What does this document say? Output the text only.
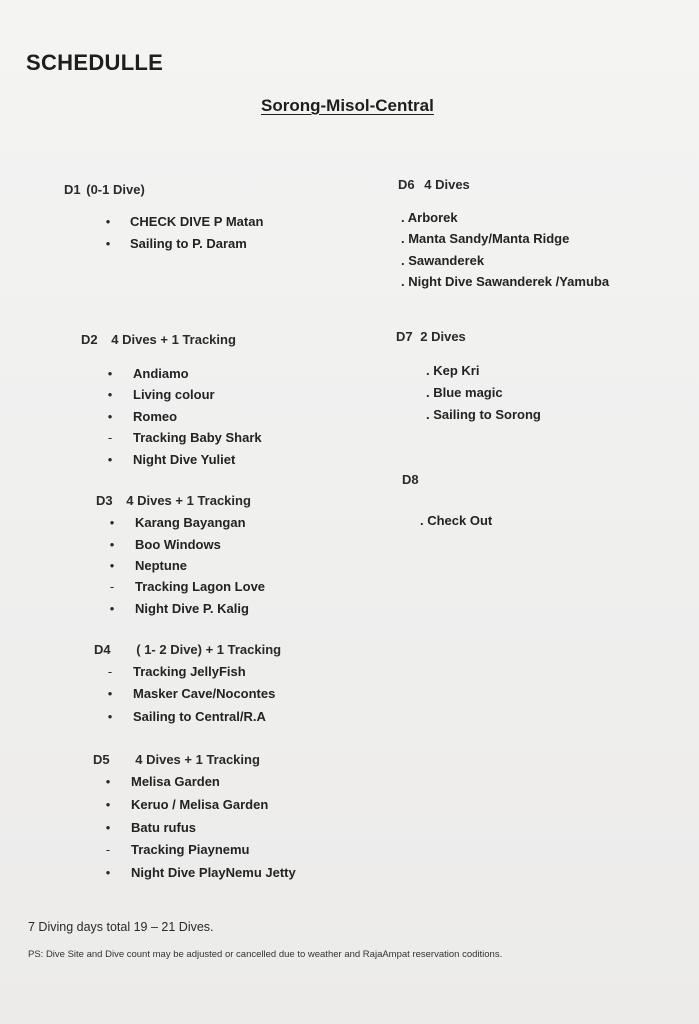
SCHEDULLE
Sorong-Misol-Central
D1 (0-1 Dive)
•
CHECK DIVE P Matan
•
Sailing to P. Daram
D2 4 Dives + 1 Tracking
•
Andiamo
•
Living colour
•
Romeo
-
Tracking Baby Shark
•
Night Dive Yuliet
D3 4 Dives + 1 Tracking
•
Karang Bayangan
•
Boo Windows
•
Neptune
-
Tracking Lagon Love
•
Night Dive P. Kalig
D4 ( 1- 2 Dive) + 1 Tracking
-
Tracking JellyFish
•
Masker Cave/Nocontes
•
Sailing to Central/R.A
D5 4 Dives + 1 Tracking
•
Melisa Garden
•
Keruo / Melisa Garden
•
Batu rufus
-
Tracking Piaynemu
•
Night Dive PlayNemu Jetty
D6 4 Dives
. Arborek
. Manta Sandy/Manta Ridge
. Sawanderek
. Night Dive Sawanderek /Yamuba
D7 2 Dives
. Kep Kri
. Blue magic
. Sailing to Sorong
D8
. Check Out
7 Diving days total 19 – 21 Dives.
PS: Dive Site and Dive count may be adjusted or cancelled due to weather and RajaAmpat reservation coditions.
